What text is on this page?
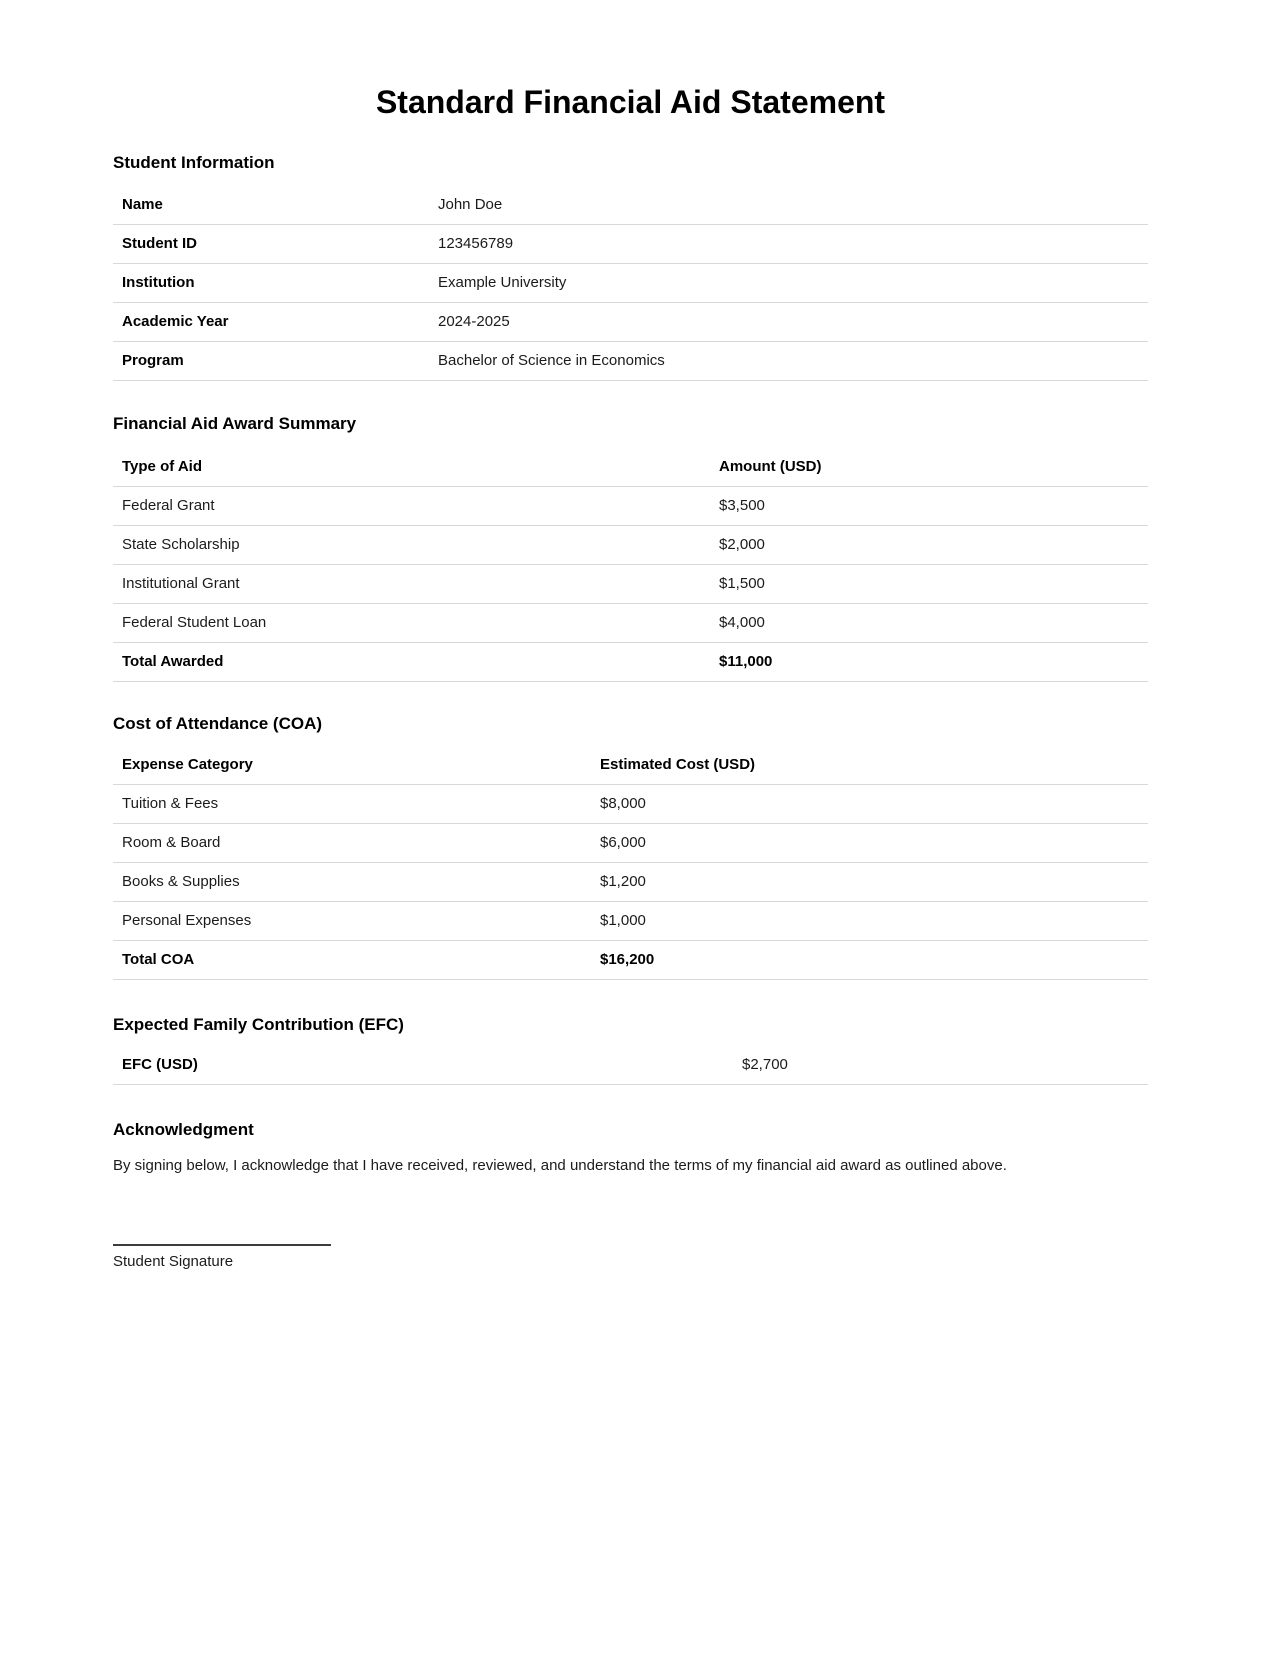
Standard Financial Aid Statement
Student Information
Name	John Doe
Student ID	123456789
Institution	Example University
Academic Year	2024-2025
Program	Bachelor of Science in Economics
Financial Aid Award Summary
Type of Aid	Amount (USD)
Federal Grant	$3,500
State Scholarship	$2,000
Institutional Grant	$1,500
Federal Student Loan	$4,000
Total Awarded	$11,000
Cost of Attendance (COA)
Expense Category	Estimated Cost (USD)
Tuition & Fees	$8,000
Room & Board	$6,000
Books & Supplies	$1,200
Personal Expenses	$1,000
Total COA	$16,200
Expected Family Contribution (EFC)
EFC (USD)	$2,700
Acknowledgment

By signing below, I acknowledge that I have received, reviewed, and understand the terms of my financial aid award as outlined above.

Student Signature
